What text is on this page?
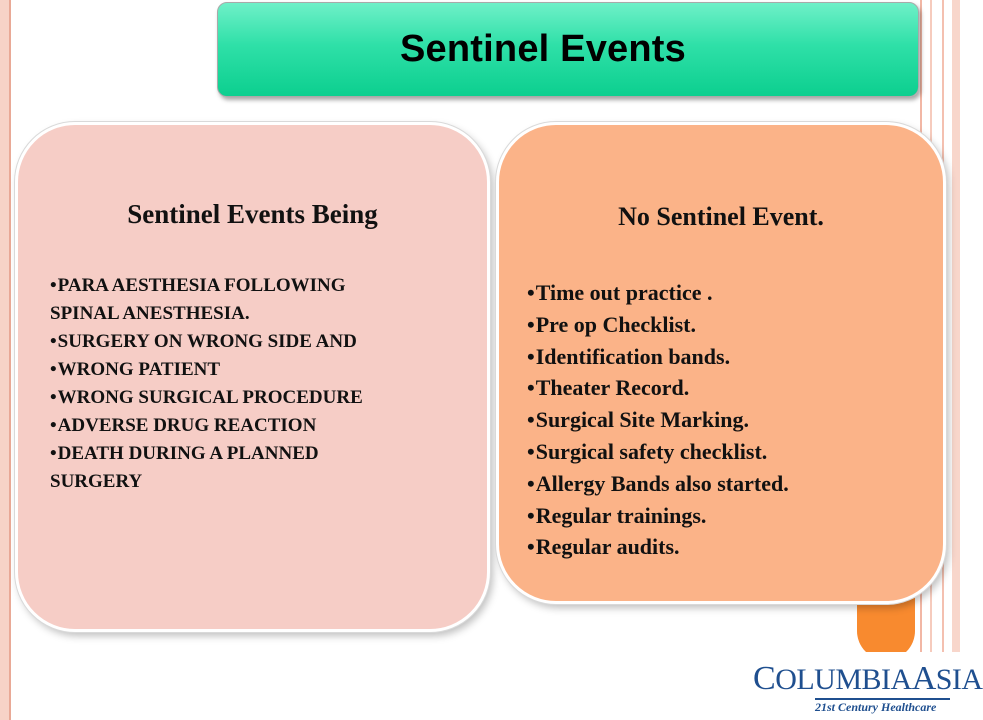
Sentinel Events
Sentinel Events Being
•PARA AESTHESIA FOLLOWING
SPINAL ANESTHESIA.
•SURGERY ON WRONG SIDE AND
•WRONG PATIENT
•WRONG SURGICAL PROCEDURE
•ADVERSE DRUG REACTION
•DEATH DURING A PLANNED
SURGERY
No Sentinel Event.
•Time out practice .
•Pre op Checklist.
•Identification bands.
•Theater Record.
•Surgical Site Marking.
•Surgical safety checklist.
•Allergy Bands also started.
•Regular trainings.
•Regular audits.
COLUMBIAASIA
21st Century Healthcare
